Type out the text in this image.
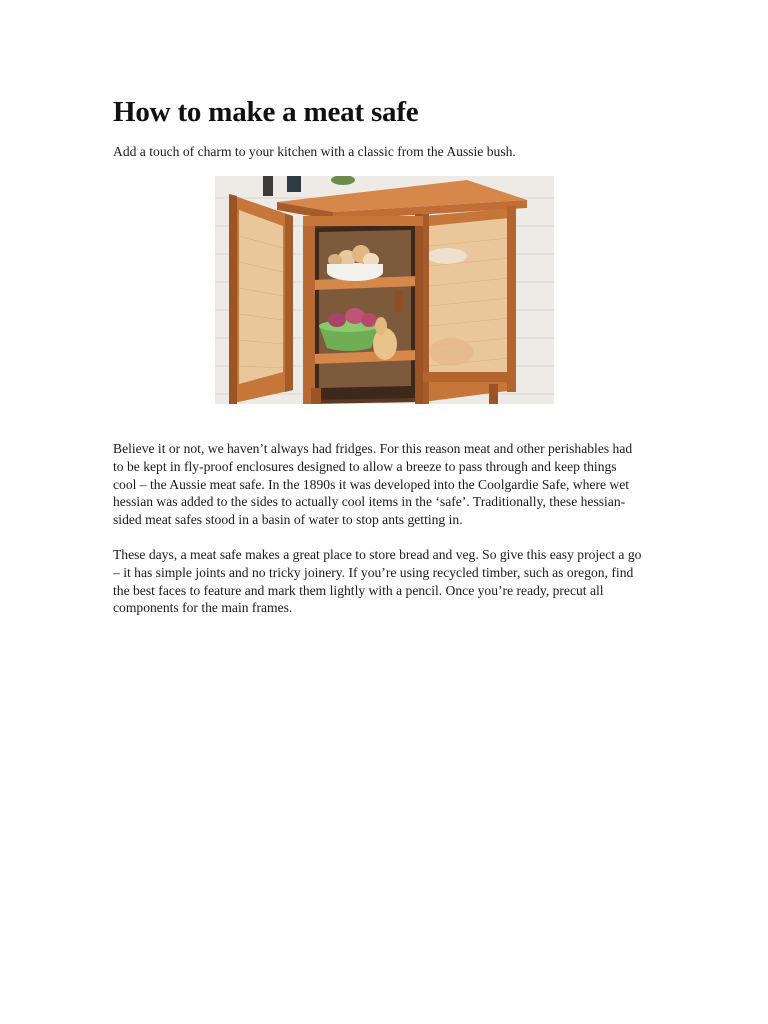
How to make a meat safe

Add a touch of charm to your kitchen with a classic from the Aussie bush.

Believe it or not, we haven’t always had fridges. For this reason meat and other perishables had to be kept in fly-proof enclosures designed to allow a breeze to pass through and keep things cool – the Aussie meat safe. In the 1890s it was developed into the Coolgardie Safe, where wet hessian was added to the sides to actually cool items in the ‘safe’. Traditionally, these hessian-sided meat safes stood in a basin of water to stop ants getting in.

These days, a meat safe makes a great place to store bread and veg. So give this easy project a go – it has simple joints and no tricky joinery. If you’re using recycled timber, such as oregon, find the best faces to feature and mark them lightly with a pencil. Once you’re ready, precut all components for the main frames.
